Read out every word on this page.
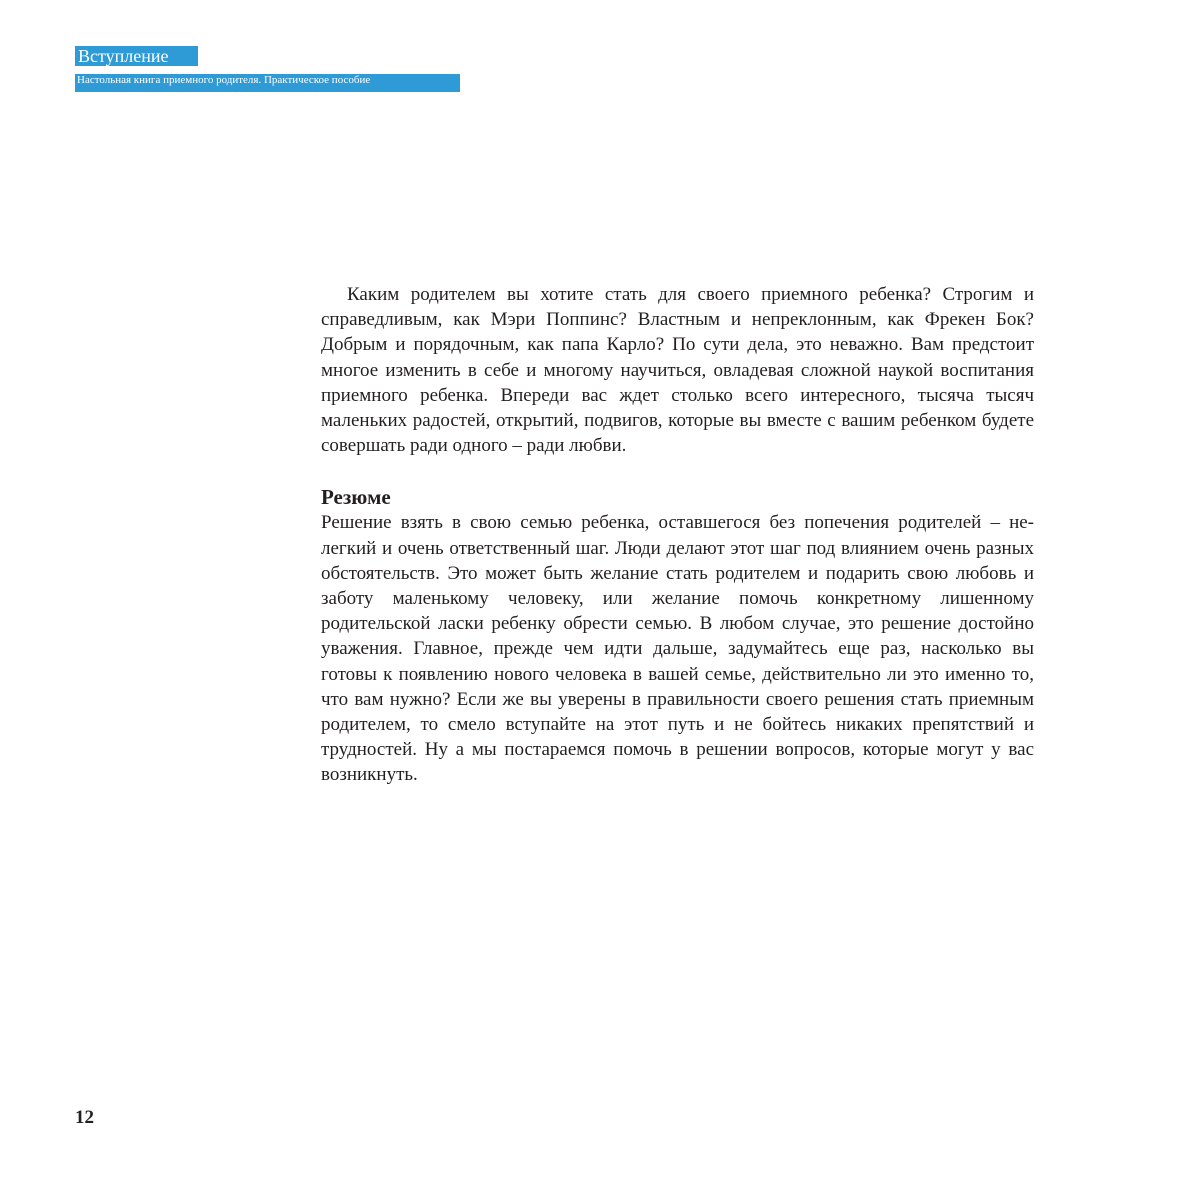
Вступление
Настольная книга приемного родителя. Практическое пособие

Каким родителем вы хотите стать для своего приемного ребенка? Строгим и справедливым, как Мэри Поппинс? Властным и непреклонным, как Фрекен Бок? Добрым и порядочным, как папа Карло? По сути дела, это неважно. Вам предстоит многое изменить в себе и многому научиться, овладевая сложной наукой воспитания приемного ребенка. Впереди вас ждет столько всего интересного, тысяча тысяч маленьких радостей, открытий, подвигов, которые вы вместе с вашим ребенком будете совершать ради одного – ради любви.

Резюме

Решение взять в свою семью ребенка, оставшегося без попечения родителей – нелегкий и очень ответственный шаг. Люди делают этот шаг под влиянием очень разных обстоятельств. Это может быть желание стать родителем и подарить свою любовь и заботу маленькому человеку, или желание помочь конкретному лишенному родительской ласки ребенку обрести семью. В любом случае, это решение достойно уважения. Главное, прежде чем идти дальше, задумайтесь еще раз, насколько вы готовы к появлению нового человека в вашей семье, действительно ли это именно то, что вам нужно? Если же вы уверены в правильности своего решения стать приемным родителем, то смело вступайте на этот путь и не бойтесь никаких препятствий и трудностей. Ну а мы постараемся помочь в решении вопросов, которые могут у вас возникнуть.

12
